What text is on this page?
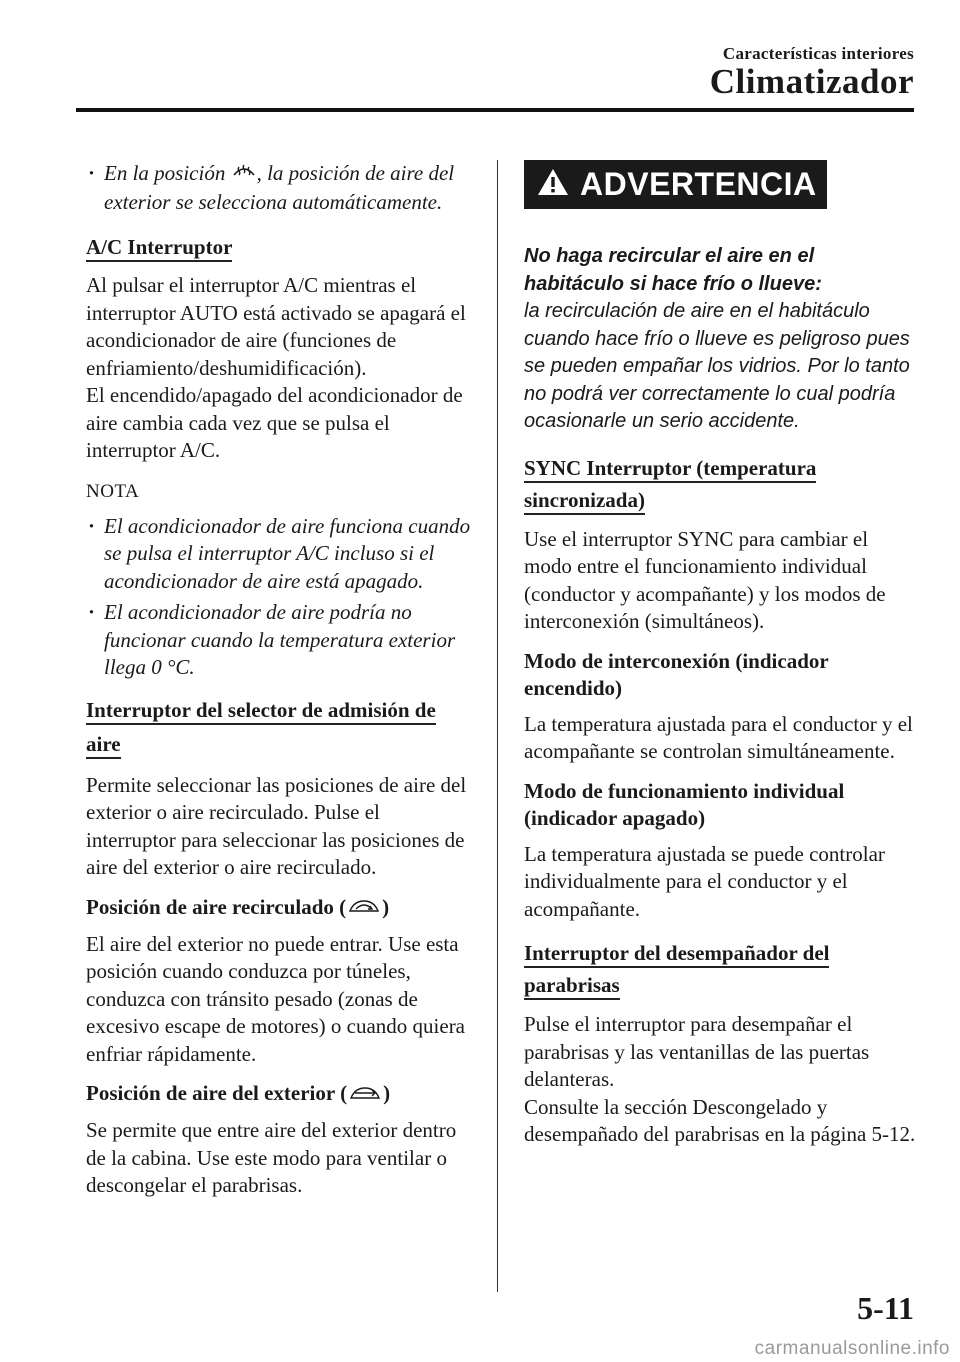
Características interiores
Climatizador

· En la posición , la posición de aire del exterior se selecciona automáticamente.

A/C Interruptor

Al pulsar el interruptor A/C mientras el interruptor AUTO está activado se apagará el acondicionador de aire (funciones de enfriamiento/deshumidificación).

El encendido/apagado del acondicionador de aire cambia cada vez que se pulsa el interruptor A/C.

NOTA

· El acondicionador de aire funciona cuando se pulsa el interruptor A/C incluso si el acondicionador de aire está apagado.

· El acondicionador de aire podría no funcionar cuando la temperatura exterior llega 0 °C.

Interruptor del selector de admisión de aire

Permite seleccionar las posiciones de aire del exterior o aire recirculado. Pulse el interruptor para seleccionar las posiciones de aire del exterior o aire recirculado.

Posición de aire recirculado ( )

El aire del exterior no puede entrar. Use esta posición cuando conduzca por túneles, conduzca con tránsito pesado (zonas de excesivo escape de motores) o cuando quiera enfriar rápidamente.

Posición de aire del exterior ( )

Se permite que entre aire del exterior dentro de la cabina. Use este modo para ventilar o descongelar el parabrisas.

ADVERTENCIA

No haga recircular el aire en el habitáculo si hace frío o llueve:
la recirculación de aire en el habitáculo cuando hace frío o llueve es peligroso pues se pueden empañar los vidrios. Por lo tanto no podrá ver correctamente lo cual podría ocasionarle un serio accidente.

SYNC Interruptor (temperatura sincronizada)

Use el interruptor SYNC para cambiar el modo entre el funcionamiento individual (conductor y acompañante) y los modos de interconexión (simultáneos).

Modo de interconexión (indicador encendido)

La temperatura ajustada para el conductor y el acompañante se controlan simultáneamente.

Modo de funcionamiento individual (indicador apagado)

La temperatura ajustada se puede controlar individualmente para el conductor y el acompañante.

Interruptor del desempañador del parabrisas

Pulse el interruptor para desempañar el parabrisas y las ventanillas de las puertas delanteras.

Consulte la sección Descongelado y desempañado del parabrisas en la página 5-12.

5-11
carmanualsonline.info
